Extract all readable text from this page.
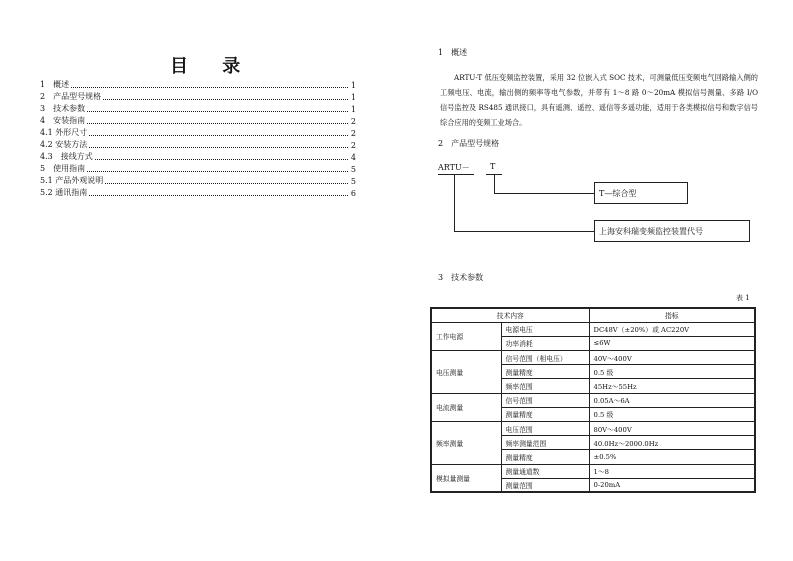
目 录
1　概述	1
2　产品型号规格	1
3　技术参数	1
4　安装指南	2
4.1 外形尺寸	2
4.2 安装方法	2
4.3　接线方式	4
5　使用指南	5
5.1 产品外观说明	5
5.2 通讯指南	6
1　概述
ARTU-T 低压变频监控装置，采用 32 位嵌入式 SOC 技术，可测量低压变频电气回路输入侧的工频电压、电流，输出侧的频率等电气参数，并带有 1～8 路 0～20mA 模拟信号测量、多路 I/O 信号监控及 RS485 通讯接口，具有遥测、遥控、遥信等多遥功能，适用于各类模拟信号和数字信号综合应用的变频工业场合。
2　产品型号规格
ARTU－	T
T—综合型
上海安科瑞变频监控装置代号
3　技术参数
表 1
技术内容		指标
工作电源	电源电压	DC48V（±20%）或 AC220V
	功率消耗	≤6W
电压测量	信号范围（相电压）	40V～400V
	测量精度	0.5 级
	频率范围	45Hz～55Hz
电流测量	信号范围	0.05A～6A
	测量精度	0.5 级
频率测量	电压范围	80V～400V
	频率测量范围	40.0Hz～2000.0Hz
	测量精度	±0.5%
模拟量测量	测量通道数	1～8
	测量范围	0-20mA
